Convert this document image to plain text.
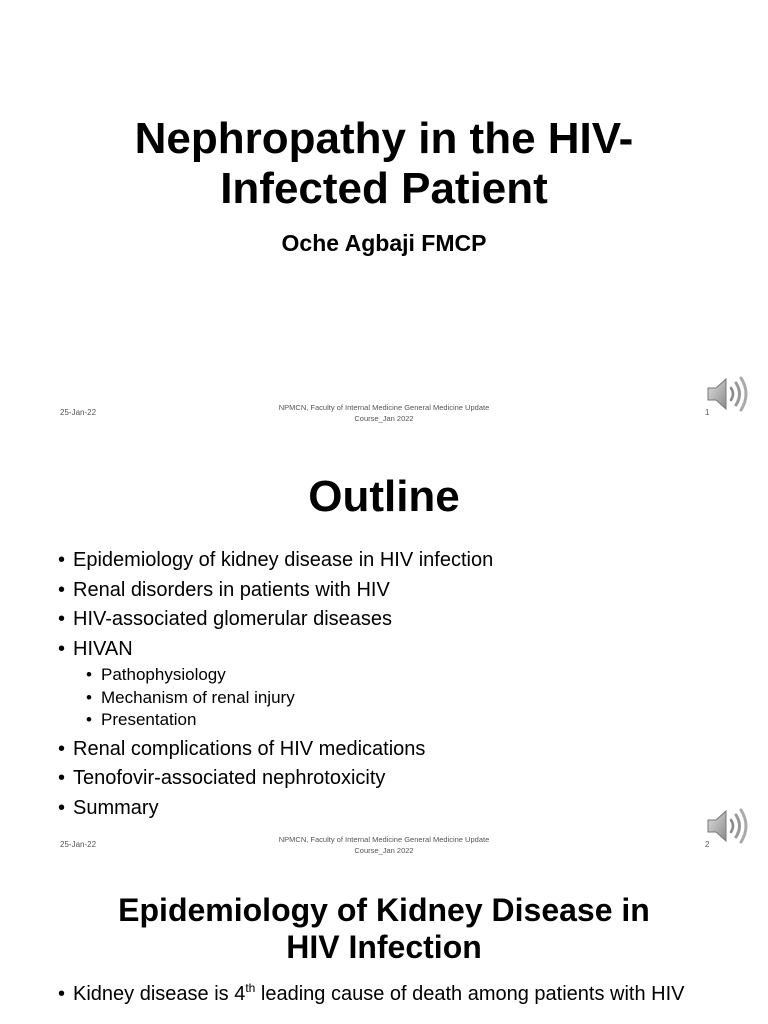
Nephropathy in the HIV-
Infected Patient
Oche Agbaji FMCP
25-Jan-22
NPMCN, Faculty of Internal Medicine General Medicine Update
Course_Jan 2022
1
Outline
• Epidemiology of kidney disease in HIV infection
• Renal disorders in patients with HIV
• HIV-associated glomerular diseases
• HIVAN
• Pathophysiology
• Mechanism of renal injury
• Presentation
• Renal complications of HIV medications
• Tenofovir-associated nephrotoxicity
• Summary
25-Jan-22
NPMCN, Faculty of Internal Medicine General Medicine Update
Course_Jan 2022
2
Epidemiology of Kidney Disease in
HIV Infection
• Kidney disease is 4th leading cause of death among patients with HIV
